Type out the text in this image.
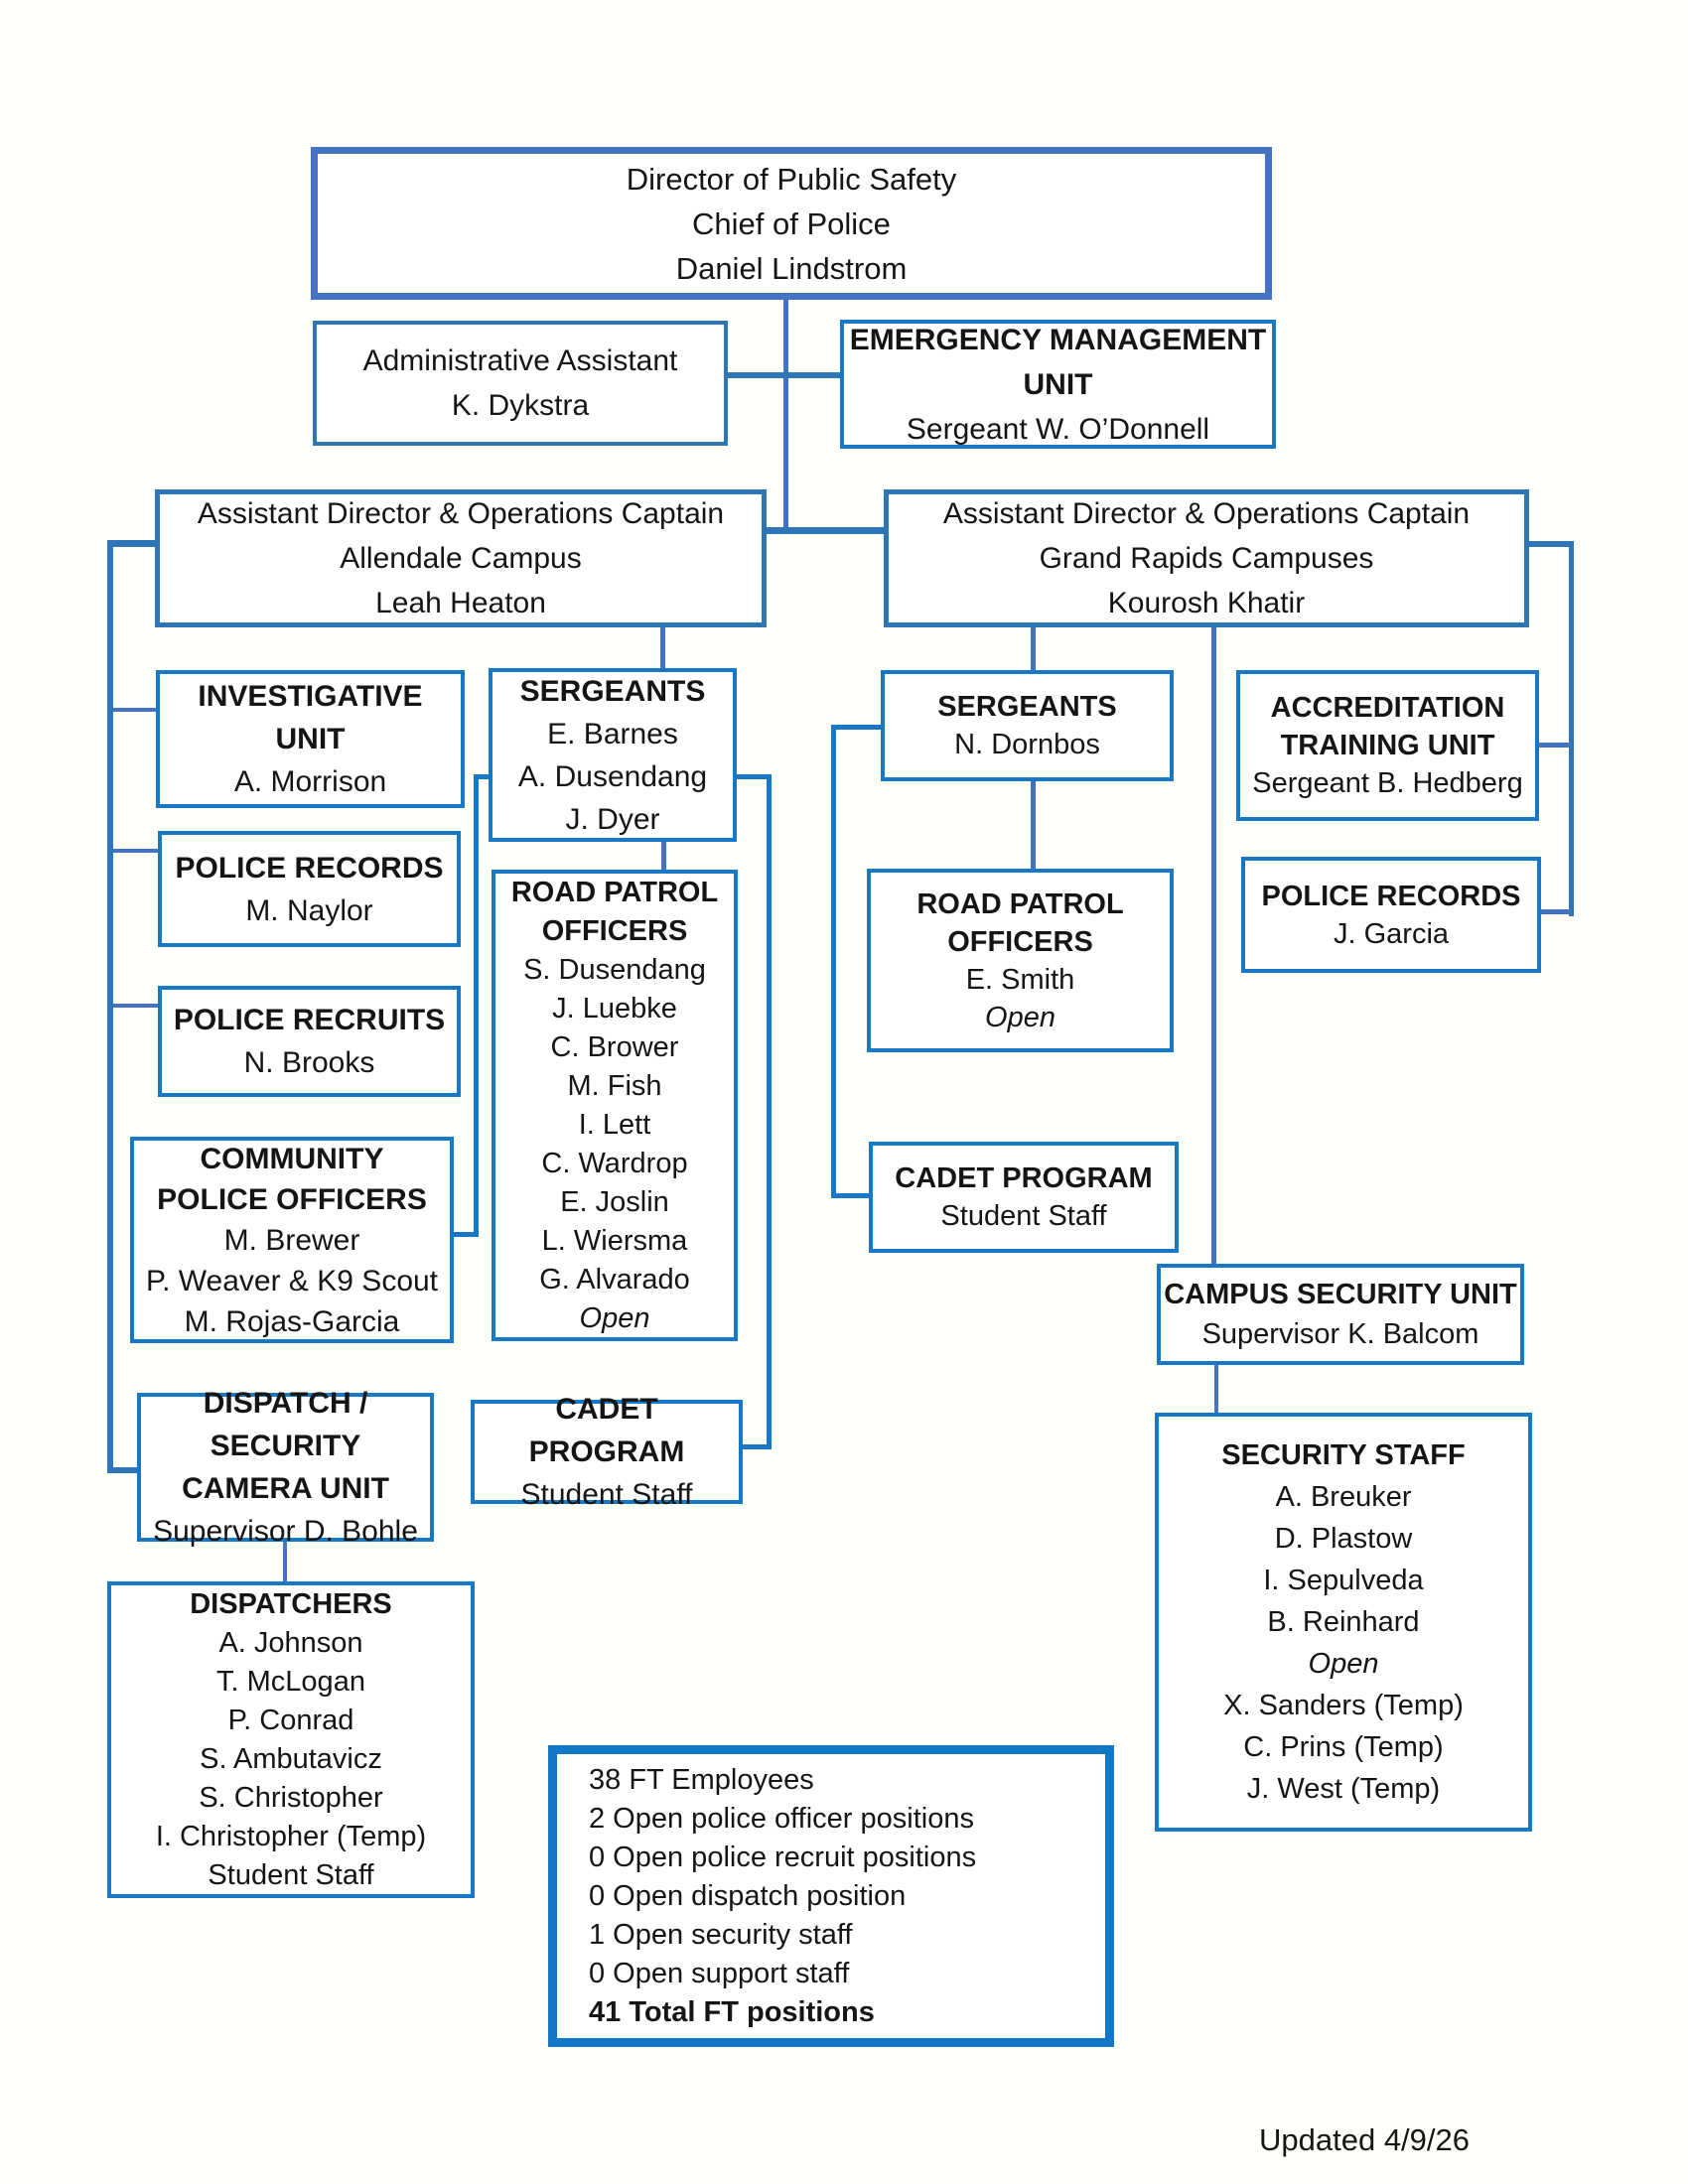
Director of Public Safety
Chief of Police
Daniel Lindstrom
Administrative Assistant
K. Dykstra
EMERGENCY MANAGEMENT UNIT
Sergeant W. O’Donnell
Assistant Director & Operations Captain
Allendale Campus
Leah Heaton
Assistant Director & Operations Captain
Grand Rapids Campuses
Kourosh Khatir
INVESTIGATIVE UNIT
A. Morrison
POLICE RECORDS
M. Naylor
POLICE RECRUITS
N. Brooks
COMMUNITY
POLICE OFFICERS
M. Brewer
P. Weaver & K9 Scout
M. Rojas-Garcia
DISPATCH / SECURITY
CAMERA UNIT
Supervisor D. Bohle
DISPATCHERS
A. Johnson
T. McLogan
P. Conrad
S. Ambutavicz
S. Christopher
I. Christopher (Temp)
Student Staff
SERGEANTS
E. Barnes
A. Dusendang
J. Dyer
ROAD PATROL
OFFICERS
S. Dusendang
J. Luebke
C. Brower
M. Fish
I. Lett
C. Wardrop
E. Joslin
L. Wiersma
G. Alvarado
Open
CADET PROGRAM
Student Staff
SERGEANTS
N. Dornbos
ROAD PATROL
OFFICERS
E. Smith
Open
CADET PROGRAM
Student Staff
ACCREDITATION
TRAINING UNIT
Sergeant B. Hedberg
POLICE RECORDS
J. Garcia
CAMPUS SECURITY UNIT
Supervisor K. Balcom
SECURITY STAFF
A. Breuker
D. Plastow
I. Sepulveda
B. Reinhard
Open
X. Sanders (Temp)
C. Prins (Temp)
J. West (Temp)
38 FT Employees
2 Open police officer positions
0 Open police recruit positions
0 Open dispatch position
1 Open security staff
0 Open support staff
41 Total FT positions
Updated 4/9/26
